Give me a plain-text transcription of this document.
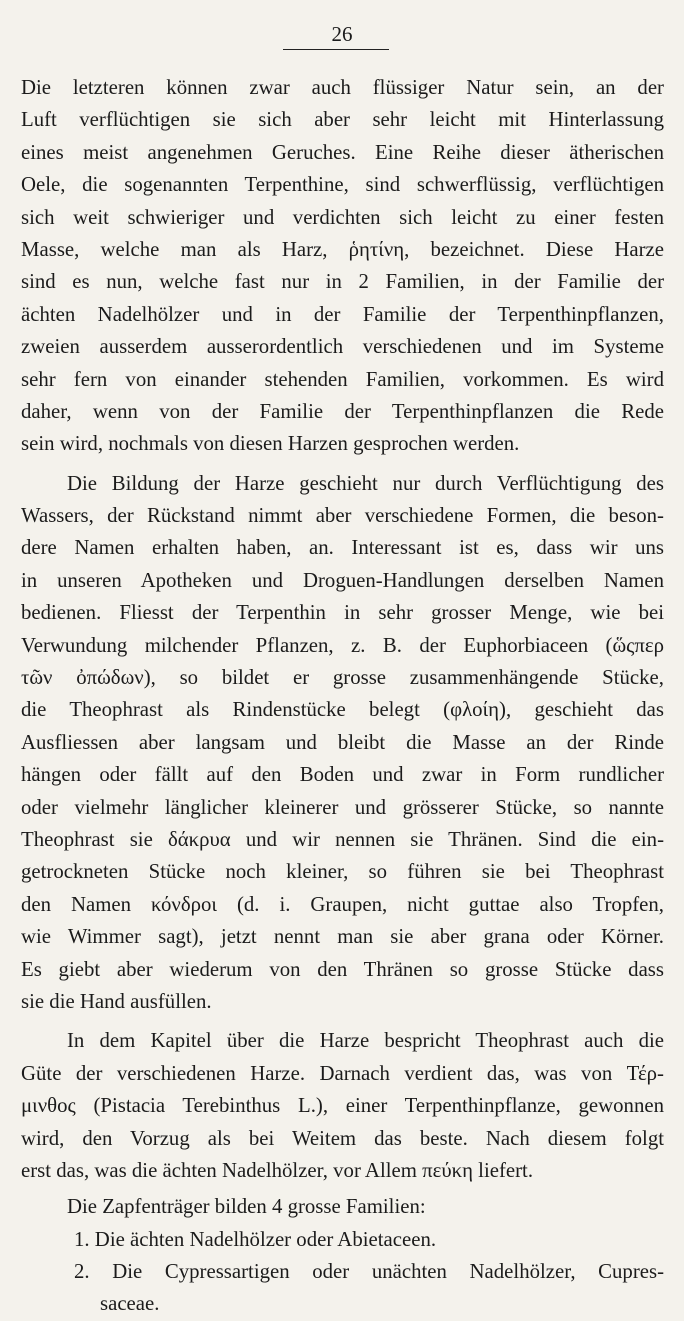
26
Die letzteren können zwar auch flüssiger Natur sein, an der
Luft verflüchtigen sie sich aber sehr leicht mit Hinterlassung
eines meist angenehmen Geruches. Eine Reihe dieser ätherischen
Oele, die sogenannten Terpenthine, sind schwerflüssig, verflüchtigen
sich weit schwieriger und verdichten sich leicht zu einer festen
Masse, welche man als Harz, ῥητίνη, bezeichnet. Diese Harze
sind es nun, welche fast nur in 2 Familien, in der Familie der
ächten Nadelhölzer und in der Familie der Terpenthinpflanzen,
zweien ausserdem ausserordentlich verschiedenen und im Systeme
sehr fern von einander stehenden Familien, vorkommen. Es wird
daher, wenn von der Familie der Terpenthinpflanzen die Rede
sein wird, nochmals von diesen Harzen gesprochen werden.
Die Bildung der Harze geschieht nur durch Verflüchtigung des
Wassers, der Rückstand nimmt aber verschiedene Formen, die beson-
dere Namen erhalten haben, an. Interessant ist es, dass wir uns
in unseren Apotheken und Droguen-Handlungen derselben Namen
bedienen. Fliesst der Terpenthin in sehr grosser Menge, wie bei
Verwundung milchender Pflanzen, z. B. der Euphorbiaceen (ὥςπερ
τῶν ὀπώδων), so bildet er grosse zusammenhängende Stücke,
die Theophrast als Rindenstücke belegt (φλοίη), geschieht das
Ausfliessen aber langsam und bleibt die Masse an der Rinde
hängen oder fällt auf den Boden und zwar in Form rundlicher
oder vielmehr länglicher kleinerer und grösserer Stücke, so nannte
Theophrast sie δάκρυα und wir nennen sie Thränen. Sind die ein-
getrockneten Stücke noch kleiner, so führen sie bei Theophrast
den Namen κόνδροι (d. i. Graupen, nicht guttae also Tropfen,
wie Wimmer sagt), jetzt nennt man sie aber grana oder Körner.
Es giebt aber wiederum von den Thränen so grosse Stücke dass
sie die Hand ausfüllen.
In dem Kapitel über die Harze bespricht Theophrast auch die
Güte der verschiedenen Harze. Darnach verdient das, was von Τέρ-
μινθος (Pistacia Terebinthus L.), einer Terpenthinpflanze, gewonnen
wird, den Vorzug als bei Weitem das beste. Nach diesem folgt
erst das, was die ächten Nadelhölzer, vor Allem πεύκη liefert.
Die Zapfenträger bilden 4 grosse Familien:
1. Die ächten Nadelhölzer oder Abietaceen.
2. Die Cypressartigen oder unächten Nadelhölzer, Cupres-
saceae.
